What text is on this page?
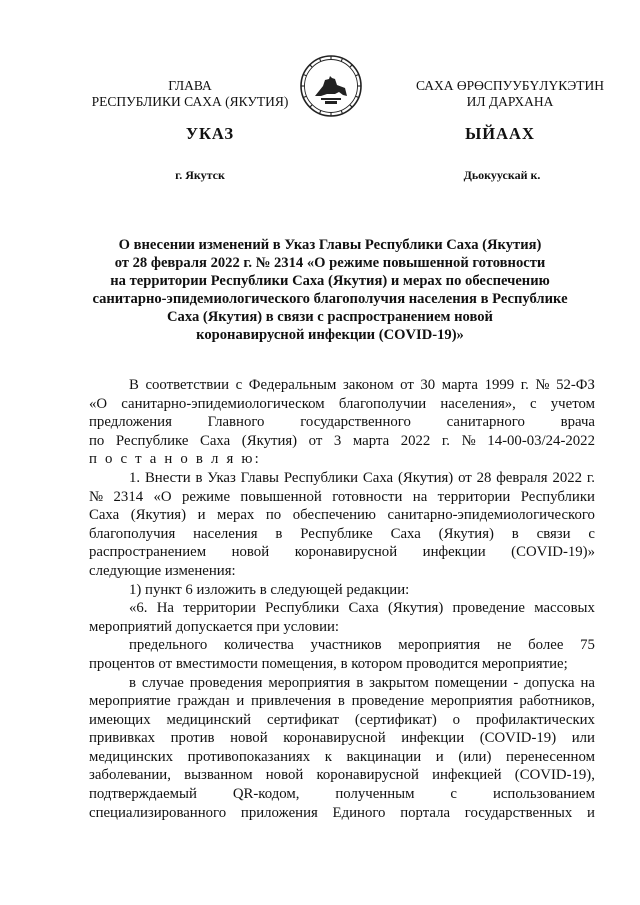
ГЛАВА
РЕСПУБЛИКИ САХА (ЯКУТИЯ)
САХА ӨРӨСПУУБҮЛҮКЭТИН
ИЛ ДАРХАНА
УКАЗ	ЫЙААХ
г. Якутск	Дьокуускай к.
О внесении изменений в Указ Главы Республики Саха (Якутия)
от 28 февраля 2022 г. № 2314 «О режиме повышенной готовности
на территории Республики Саха (Якутия) и мерах по обеспечению
санитарно-эпидемиологического благополучия населения в Республике
Саха (Якутия) в связи с распространением новой
коронавирусной инфекции (COVID-19)»
В соответствии с Федеральным законом от 30 марта 1999 г. № 52-ФЗ
«О санитарно-эпидемиологическом благополучии населения», с учетом
предложения Главного государственного санитарного врача
по Республике Саха (Якутия) от 3 марта 2022 г. № 14-00-03/24-2022
п о с т а н о в л я ю:
1. Внести в Указ Главы Республики Саха (Якутия) от 28 февраля 2022 г.
№ 2314 «О режиме повышенной готовности на территории Республики
Саха (Якутия) и мерах по обеспечению санитарно-эпидемиологического
благополучия населения в Республике Саха (Якутия) в связи с
распространением новой коронавирусной инфекции (COVID-19)»
следующие изменения:
1) пункт 6 изложить в следующей редакции:
«6. На территории Республики Саха (Якутия) проведение массовых
мероприятий допускается при условии:
предельного количества участников мероприятия не более 75
процентов от вместимости помещения, в котором проводится мероприятие;
в случае проведения мероприятия в закрытом помещении - допуска на
мероприятие граждан и привлечения в проведение мероприятия работников,
имеющих медицинский сертификат (сертификат) о профилактических
прививках против новой коронавирусной инфекции (COVID-19) или
медицинских противопоказаниях к вакцинации и (или) перенесенном
заболевании, вызванном новой коронавирусной инфекцией (COVID-19),
подтверждаемый QR-кодом, полученным с использованием
специализированного приложения Единого портала государственных и
